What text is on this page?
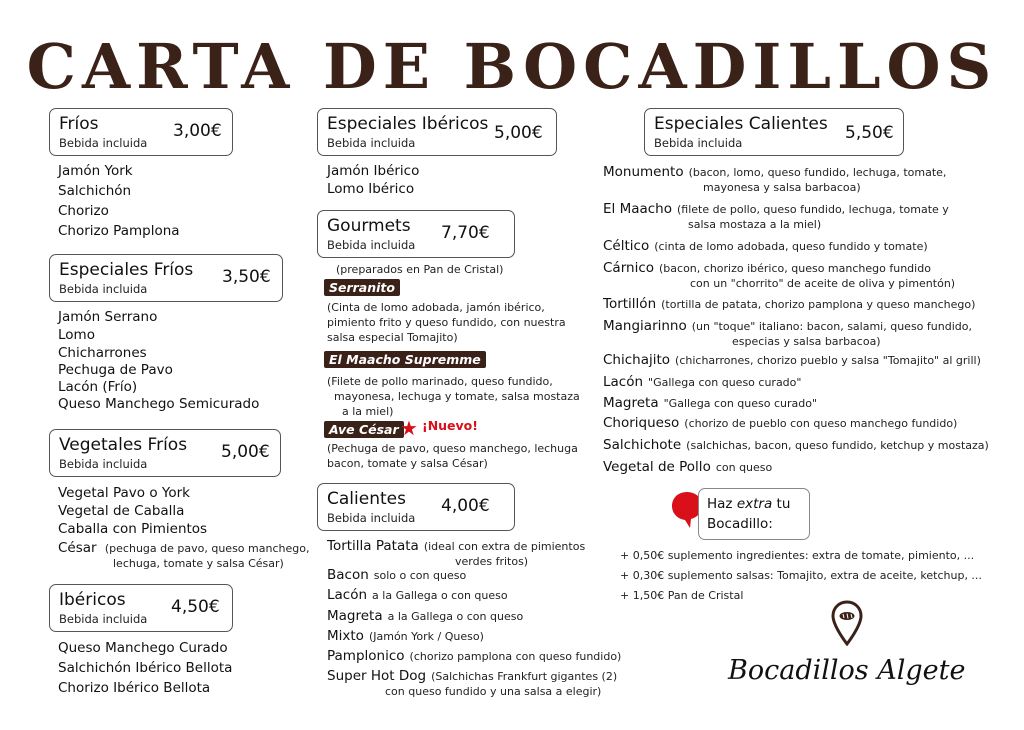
CARTA DE BOCADILLOS
Fríos
Bebida incluida
3,00€
Jamón York
Salchichón
Chorizo
Chorizo Pamplona
Especiales Fríos
Bebida incluida
3,50€
Jamón Serrano
Lomo
Chicharrones
Pechuga de Pavo
Lacón (Frío)
Queso Manchego Semicurado
Vegetales Fríos
Bebida incluida
5,00€
Vegetal Pavo o York
Vegetal de Caballa
Caballa con Pimientos
César (pechuga de pavo, queso manchego,
lechuga, tomate y salsa César)
Ibéricos
Bebida incluida
4,50€
Queso Manchego Curado
Salchichón Ibérico Bellota
Chorizo Ibérico Bellota
Especiales Ibéricos
Bebida incluida	5,00€
Jamón Ibérico
Lomo Ibérico
Gourmets
Bebida incluida
7,70€
(preparados en Pan de Cristal)
Serranito
(Cinta de lomo adobada, jamón ibérico,
pimiento frito y queso fundido, con nuestra
salsa especial Tomajito)
El Maacho Supremme
(Filete de pollo marinado, queso fundido,
mayonesa, lechuga y tomate, salsa mostaza
a la miel)
Ave César ★ ¡Nuevo!
(Pechuga de pavo, queso manchego, lechuga
bacon, tomate y salsa César)
Calientes
Bebida incluida
4,00€
Tortilla Patata (ideal con extra de pimientos
verdes fritos)
Bacon solo o con queso
Lacón a la Gallega o con queso
Magreta a la Gallega o con queso
Mixto (Jamón York / Queso)
Pamplonico (chorizo pamplona con queso fundido)
Super Hot Dog (Salchichas Frankfurt gigantes (2)
con queso fundido y una salsa a elegir)
Especiales Calientes
Bebida incluida	5,50€
Monumento (bacon, lomo, queso fundido, lechuga, tomate,
mayonesa y salsa barbacoa)
El Maacho (filete de pollo, queso fundido, lechuga, tomate y
salsa mostaza a la miel)
Céltico (cinta de lomo adobada, queso fundido y tomate)
Cárnico (bacon, chorizo ibérico, queso manchego fundido
con un "chorrito" de aceite de oliva y pimentón)
Tortillón (tortilla de patata, chorizo pamplona y queso manchego)
Mangiarinno (un "toque" italiano: bacon, salami, queso fundido,
especias y salsa barbacoa)
Chichajito (chicharrones, chorizo pueblo y salsa "Tomajito" al grill)
Lacón "Gallega con queso curado"
Magreta "Gallega con queso curado"
Choriqueso (chorizo de pueblo con queso manchego fundido)
Salchichote (salchichas, bacon, queso fundido, ketchup y mostaza)
Vegetal de Pollo con queso
Haz extra tu
Bocadillo:
+ 0,50€ suplemento ingredientes: extra de tomate, pimiento, ...
+ 0,30€ suplemento salsas: Tomajito, extra de aceite, ketchup, ...
+ 1,50€ Pan de Cristal
Bocadillos Algete
